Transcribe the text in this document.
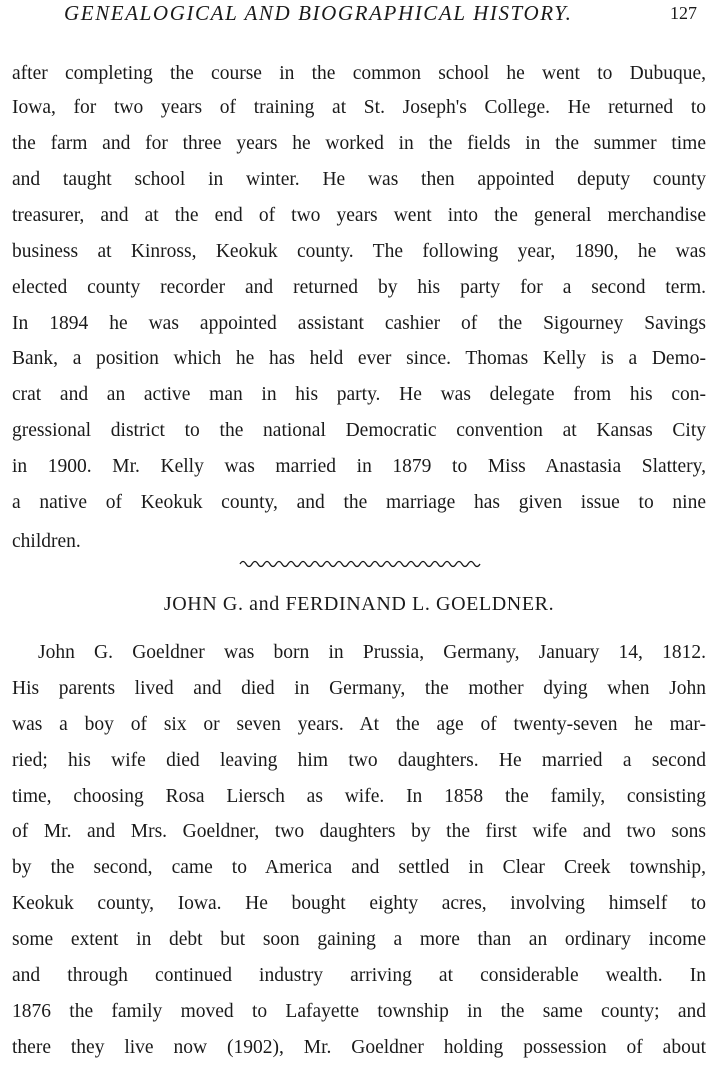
GENEALOGICAL AND BIOGRAPHICAL HISTORY.	127
after completing the course in the common school he went to Dubuque,
Iowa, for two years of training at St. Joseph's College. He returned to
the farm and for three years he worked in the fields in the summer time
and taught school in winter. He was then appointed deputy county
treasurer, and at the end of two years went into the general merchandise
business at Kinross, Keokuk county. The following year, 1890, he was
elected county recorder and returned by his party for a second term.
In 1894 he was appointed assistant cashier of the Sigourney Savings
Bank, a position which he has held ever since. Thomas Kelly is a Demo-
crat and an active man in his party. He was delegate from his con-
gressional district to the national Democratic convention at Kansas City
in 1900. Mr. Kelly was married in 1879 to Miss Anastasia Slattery,
a native of Keokuk county, and the marriage has given issue to nine
children.
JOHN G. and FERDINAND L. GOELDNER.
John G. Goeldner was born in Prussia, Germany, January 14, 1812.
His parents lived and died in Germany, the mother dying when John
was a boy of six or seven years. At the age of twenty-seven he mar-
ried; his wife died leaving him two daughters. He married a second
time, choosing Rosa Liersch as wife. In 1858 the family, consisting
of Mr. and Mrs. Goeldner, two daughters by the first wife and two sons
by the second, came to America and settled in Clear Creek township,
Keokuk county, Iowa. He bought eighty acres, involving himself to
some extent in debt but soon gaining a more than an ordinary income
and through continued industry arriving at considerable wealth. In
1876 the family moved to Lafayette township in the same county; and
there they live now (1902), Mr. Goeldner holding possession of about
